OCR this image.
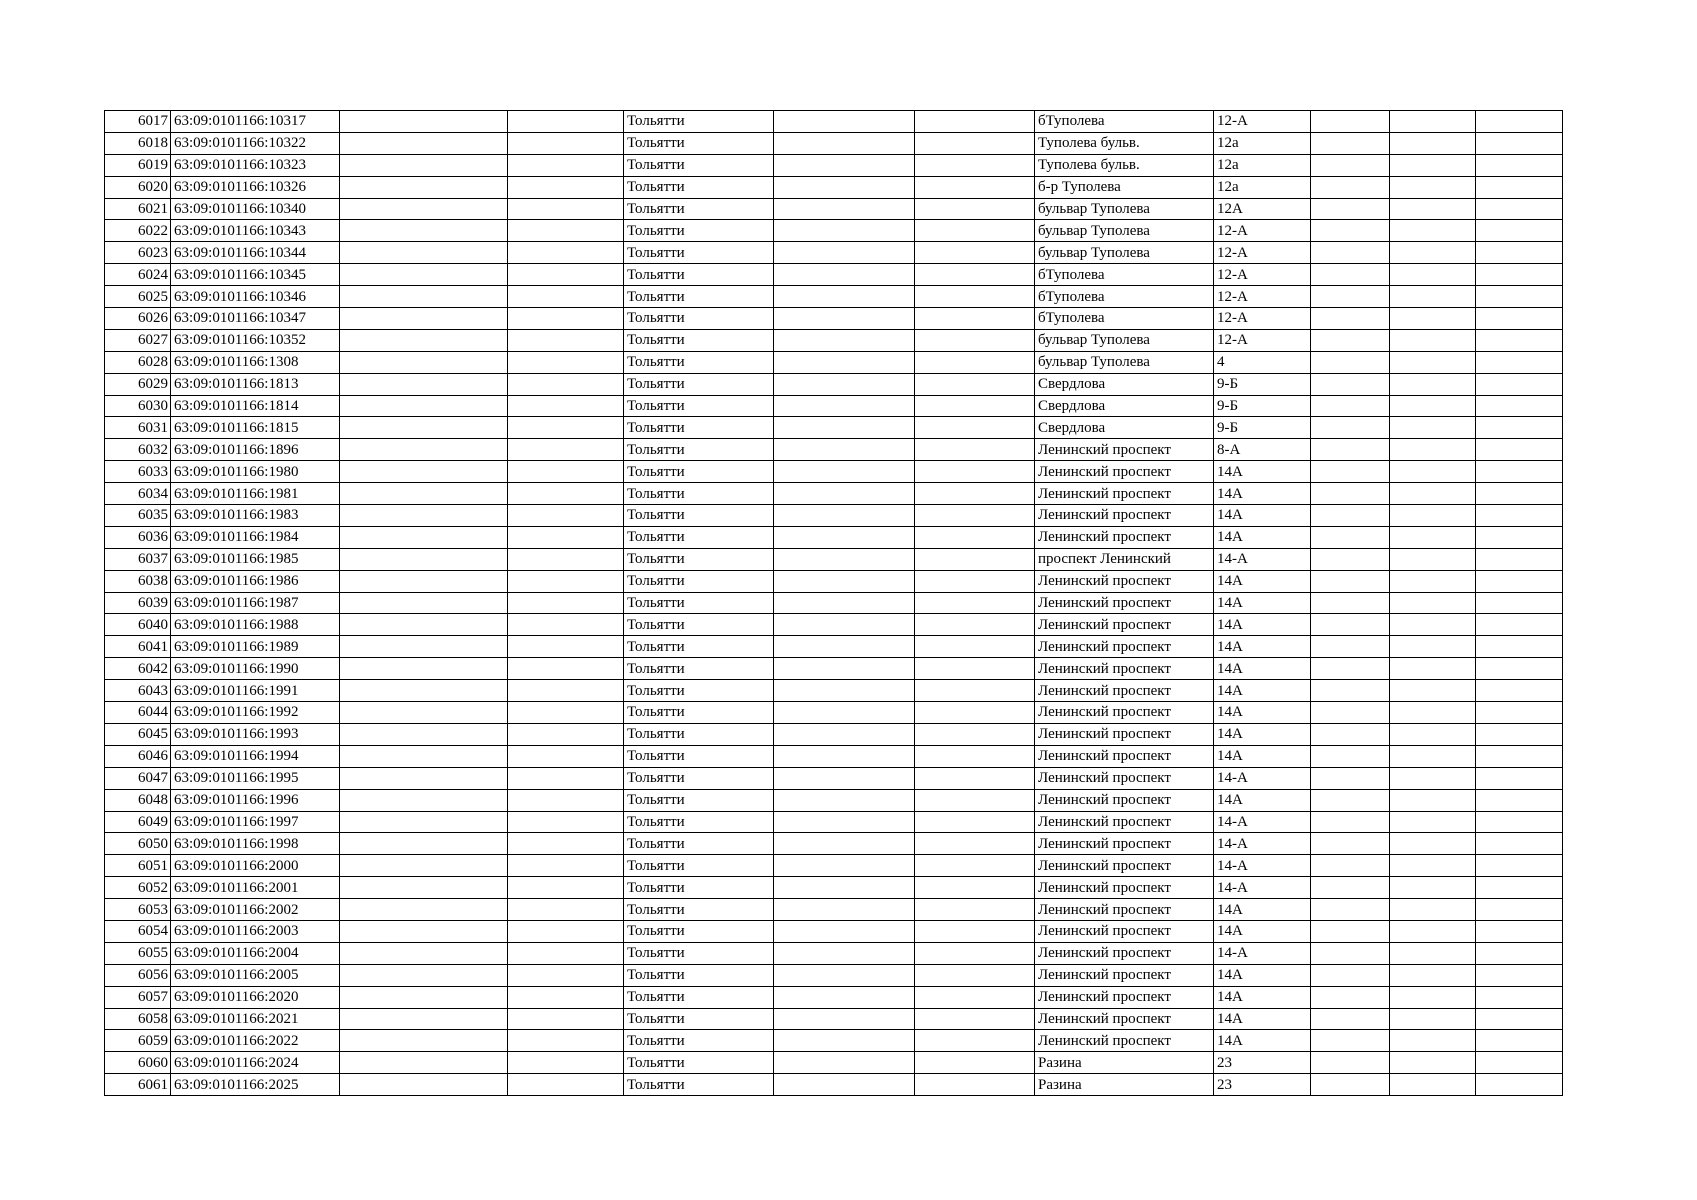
6017	63:09:0101166:10317			Тольятти			бТуполева	12-А			
6018	63:09:0101166:10322			Тольятти			Туполева бульв.	12а			
6019	63:09:0101166:10323			Тольятти			Туполева бульв.	12а			
6020	63:09:0101166:10326			Тольятти			б-р Туполева	12а			
6021	63:09:0101166:10340			Тольятти			бульвар Туполева	12А			
6022	63:09:0101166:10343			Тольятти			бульвар Туполева	12-А			
6023	63:09:0101166:10344			Тольятти			бульвар Туполева	12-А			
6024	63:09:0101166:10345			Тольятти			бТуполева	12-А			
6025	63:09:0101166:10346			Тольятти			бТуполева	12-А			
6026	63:09:0101166:10347			Тольятти			бТуполева	12-А			
6027	63:09:0101166:10352			Тольятти			бульвар Туполева	12-А			
6028	63:09:0101166:1308			Тольятти			бульвар Туполева	4			
6029	63:09:0101166:1813			Тольятти			Свердлова	9-Б			
6030	63:09:0101166:1814			Тольятти			Свердлова	9-Б			
6031	63:09:0101166:1815			Тольятти			Свердлова	9-Б			
6032	63:09:0101166:1896			Тольятти			Ленинский проспект	8-А			
6033	63:09:0101166:1980			Тольятти			Ленинский проспект	14А			
6034	63:09:0101166:1981			Тольятти			Ленинский проспект	14А			
6035	63:09:0101166:1983			Тольятти			Ленинский проспект	14А			
6036	63:09:0101166:1984			Тольятти			Ленинский проспект	14А			
6037	63:09:0101166:1985			Тольятти			проспект Ленинский	14-А			
6038	63:09:0101166:1986			Тольятти			Ленинский проспект	14А			
6039	63:09:0101166:1987			Тольятти			Ленинский проспект	14А			
6040	63:09:0101166:1988			Тольятти			Ленинский проспект	14А			
6041	63:09:0101166:1989			Тольятти			Ленинский проспект	14А			
6042	63:09:0101166:1990			Тольятти			Ленинский проспект	14А			
6043	63:09:0101166:1991			Тольятти			Ленинский проспект	14А			
6044	63:09:0101166:1992			Тольятти			Ленинский проспект	14А			
6045	63:09:0101166:1993			Тольятти			Ленинский проспект	14А			
6046	63:09:0101166:1994			Тольятти			Ленинский проспект	14А			
6047	63:09:0101166:1995			Тольятти			Ленинский проспект	14-А			
6048	63:09:0101166:1996			Тольятти			Ленинский проспект	14А			
6049	63:09:0101166:1997			Тольятти			Ленинский проспект	14-А			
6050	63:09:0101166:1998			Тольятти			Ленинский проспект	14-А			
6051	63:09:0101166:2000			Тольятти			Ленинский проспект	14-А			
6052	63:09:0101166:2001			Тольятти			Ленинский проспект	14-А			
6053	63:09:0101166:2002			Тольятти			Ленинский проспект	14А			
6054	63:09:0101166:2003			Тольятти			Ленинский проспект	14А			
6055	63:09:0101166:2004			Тольятти			Ленинский проспект	14-А			
6056	63:09:0101166:2005			Тольятти			Ленинский проспект	14А			
6057	63:09:0101166:2020			Тольятти			Ленинский проспект	14А			
6058	63:09:0101166:2021			Тольятти			Ленинский проспект	14А			
6059	63:09:0101166:2022			Тольятти			Ленинский проспект	14А			
6060	63:09:0101166:2024			Тольятти			Разина	23			
6061	63:09:0101166:2025			Тольятти			Разина	23			
